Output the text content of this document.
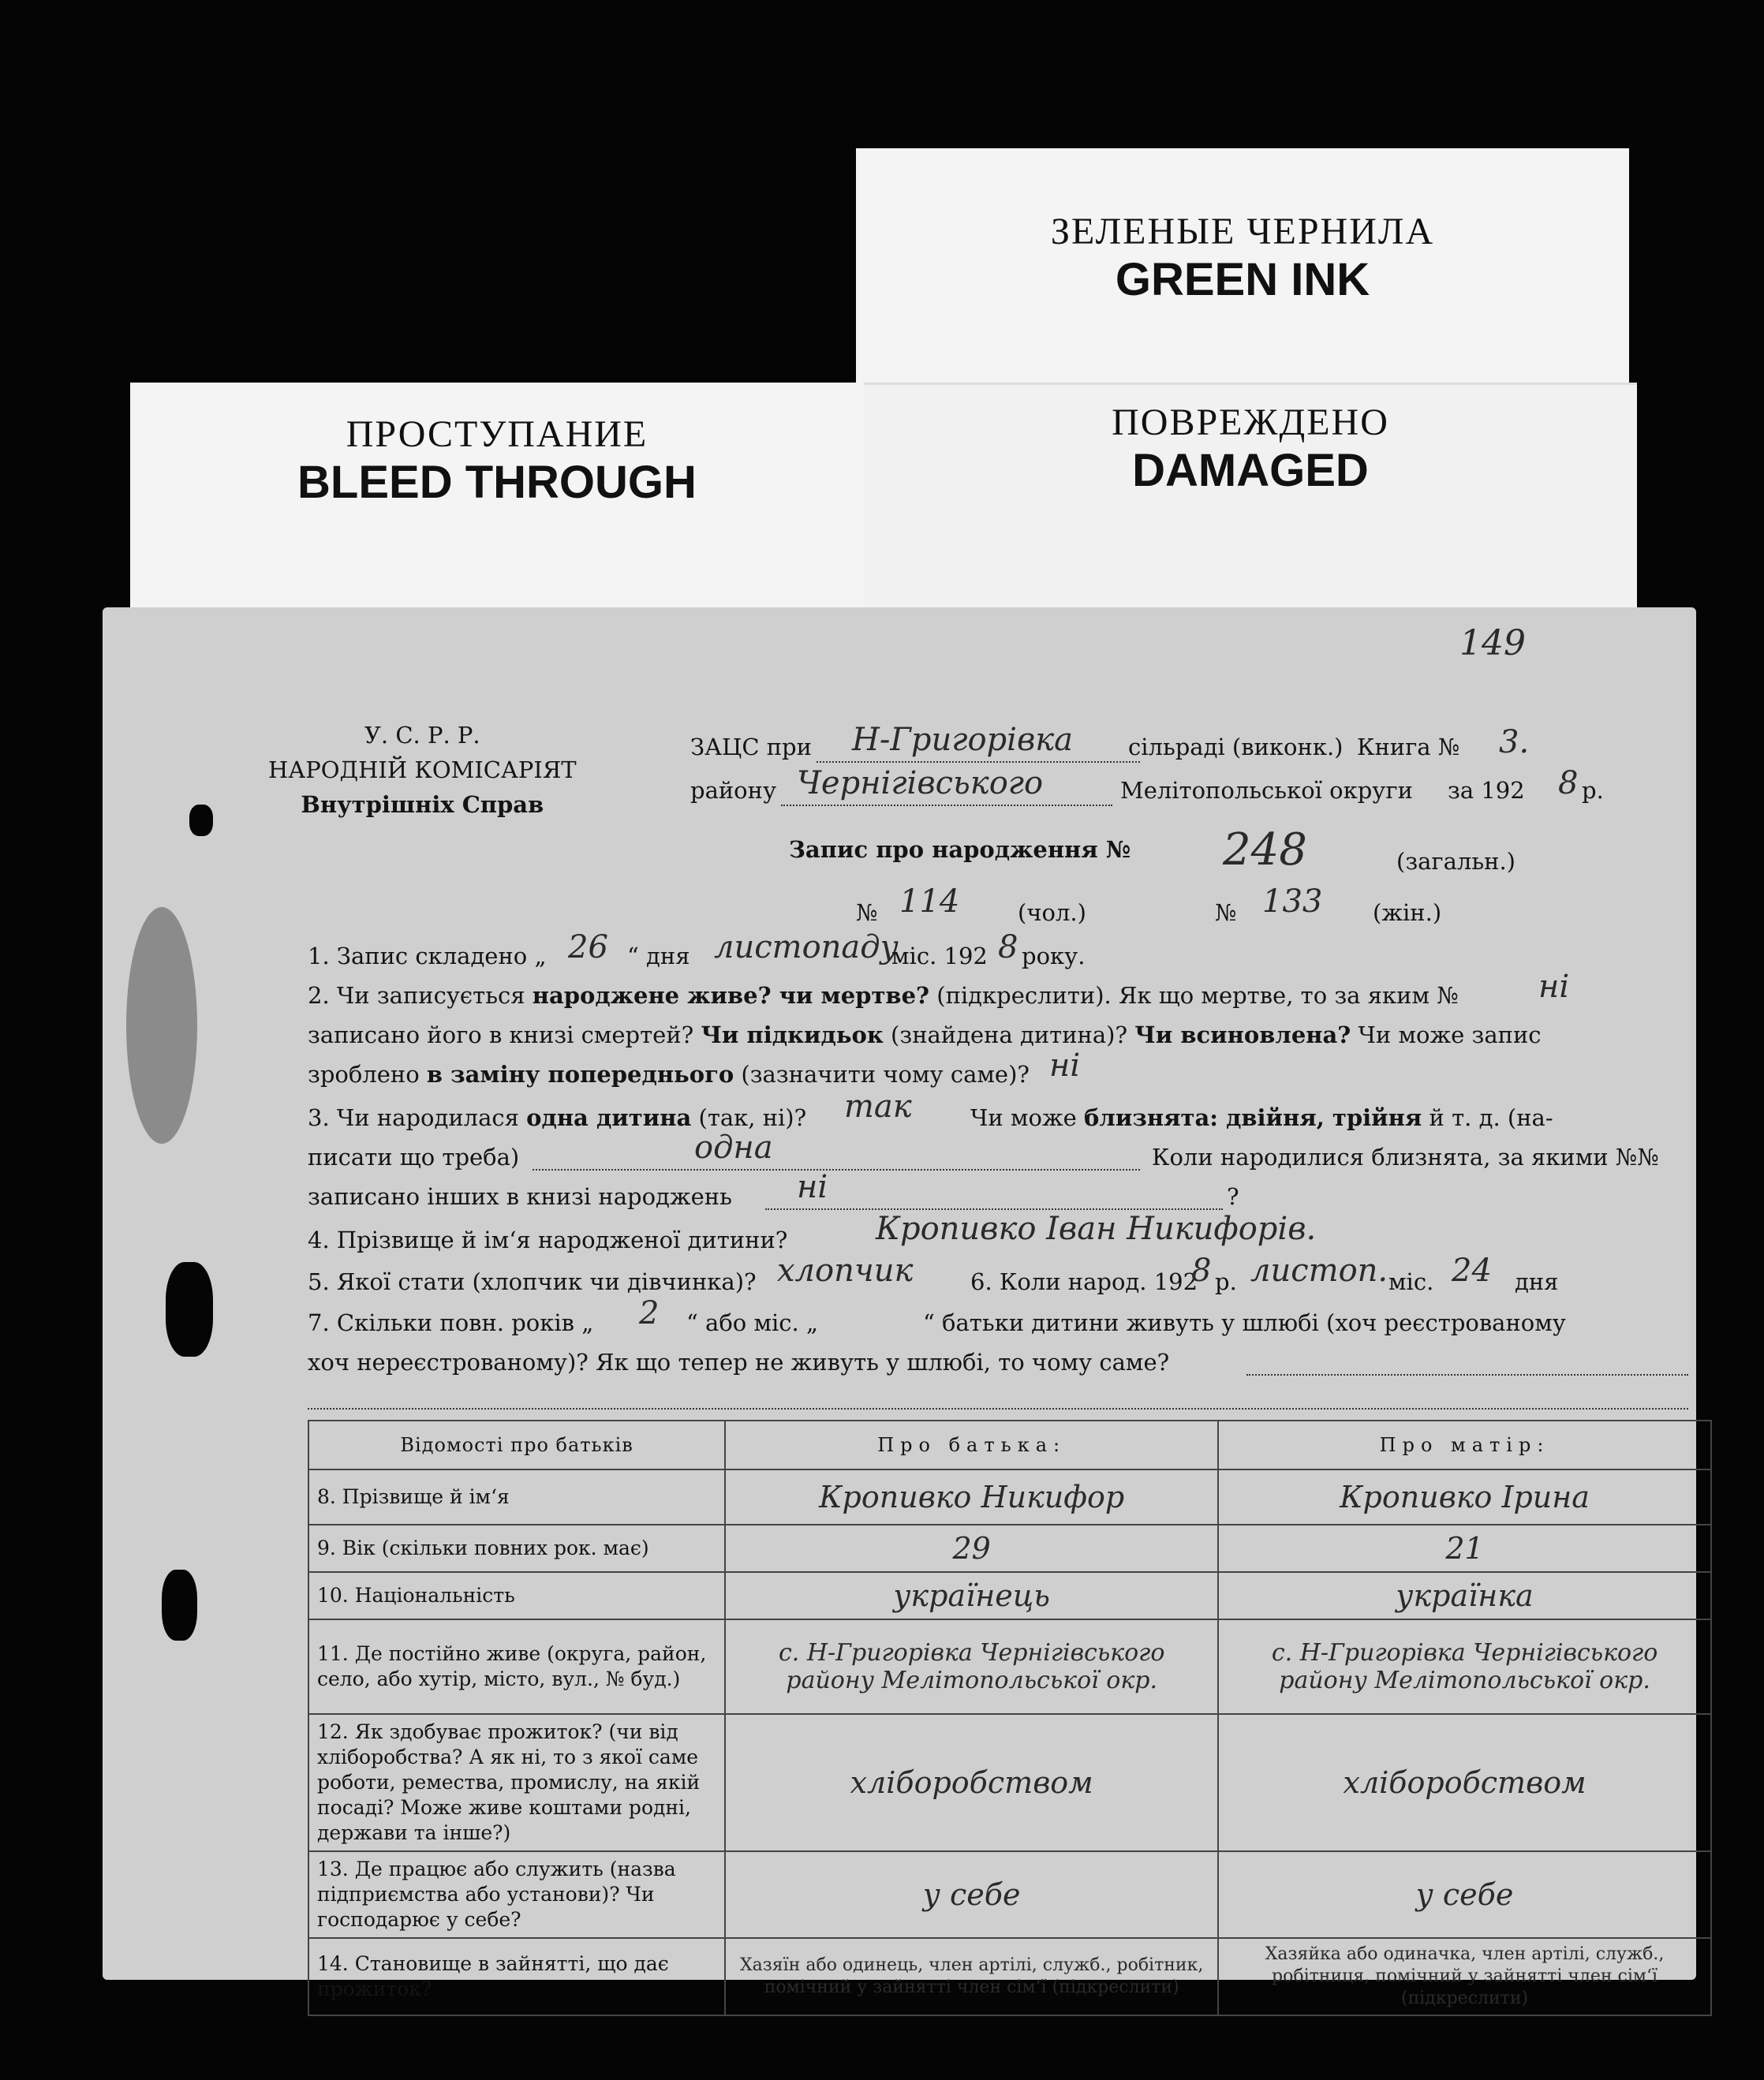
ЗЕЛЕНЫЕ ЧЕРНИЛА
GREEN INK
ПОВРЕЖДЕНО
DAMAGED
ПРОСТУПАНИЕ
BLEED THROUGH
149
У. С. Р. Р.
НАРОДНІЙ КОМІСАРІЯТ
Внутрішніх Справ
ЗАЦС при Н-Григорівка сільраді (виконк.) Книга № 3.
району Чернігівського	Мелітопольської округи за 192 8 р.
Запис про народження № 248	(загальн.)
№ 114	(чол.)	№ 133 (жін.)
1. Запис складено „ 26 “ дня листопаду
міс. 192 8 року.
2. Чи записується народжене живе? чи мертве? (підкреслити). Як що мертве, то за яким №	ні
записано його в книзі смертей? Чи підкидьок (знайдена дитина)? Чи всиновлена? Чи може запис
зроблено в заміну попереднього (зазначити чому саме)? ні
3. Чи народилася одна дитина (так, ні)? так	Чи може близнята: двійня, трійня й т. д. (на-
писати що треба)	одна	Коли народилися близнята, за якими №№
записано інших в книзі народжень ні	?
4. Прізвище й ім‘я народженої дитини?	Кропивко Іван Никифорів.
5. Якої стати (хлопчик чи дівчинка)? хлопчик	6. Коли народ. 192
8 р. листоп. міс. 24 дня
7. Скільки повн. років „ 2 “ або міс. „	“ батьки дитини живуть у шлюбі (хоч реєстрованому
хоч нереєстрованому)? Як що тепер не живуть у шлюбі, то чому саме?
Відомості про батьків	Про батька:	Про матір:
8. Прізвище й ім‘я	Кропивко Никифор	Кропивко Ірина
9. Вік (скільки повних рок. має)	29	21
10. Національність	українець	українка
11. Де постійно живе (округа, район, село, або хутір, місто, вул., № буд.)	с. Н-Григорівка Чернігівського району Мелітопольської окр.	с. Н-Григорівка Чернігівського району Мелітопольської окр.
12. Як здобуває прожиток? (чи від хліборобства? А як ні, то з якої саме роботи, ремества, промислу, на якій посаді? Може живе коштами родні, держави та інше?)	хліборобством	хліборобством
13. Де працює або служить (назва підприємства або установи)? Чи господарює у себе?	у себе	у себе
14. Становище в зайнятті, що дає прожиток?	Хазяїн або одинець, член артілі, служб., робітник, помічний у зайнятті член сім‘ї (підкреслити)	Хазяйка або одиначка, член артілі, служб., робітниця, помічний у зайнятті член сім‘ї (підкреслити)
